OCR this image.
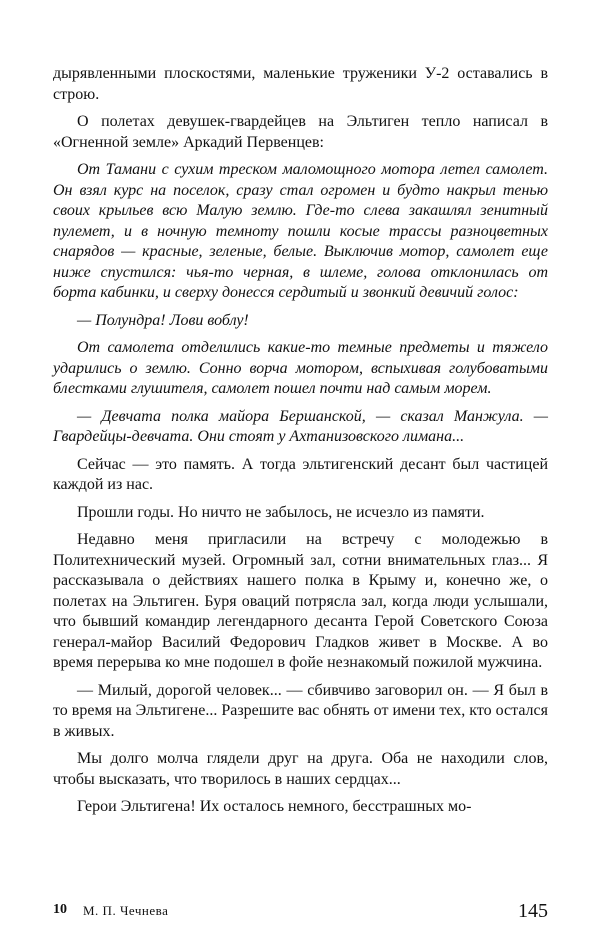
дырявленными плоскостями, маленькие труженики У-2 оставались в строю.

О полетах девушек-гвардейцев на Эльтиген тепло написал в «Огненной земле» Аркадий Первенцев:

От Тамани с сухим треском маломощного мотора летел самолет. Он взял курс на поселок, сразу стал огромен и будто накрыл тенью своих крыльев всю Малую землю. Где-то слева закашлял зенитный пулемет, и в ночную темноту пошли косые трассы разноцветных снарядов — красные, зеленые, белые. Выключив мотор, самолет еще ниже спустился: чья-то черная, в шлеме, голова отклонилась от борта кабинки, и сверху донесся сердитый и звонкий девичий голос:

— Полундра! Лови воблу!

От самолета отделились какие-то темные предметы и тяжело ударились о землю. Сонно ворча мотором, вспыхивая голубоватыми блестками глушителя, самолет пошел почти над самым морем.

— Девчата полка майора Бершанской, — сказал Манжула. — Гвардейцы-девчата. Они стоят у Ахтанизовского лимана...

Сейчас — это память. А тогда эльтигенский десант был частицей каждой из нас.

Прошли годы. Но ничто не забылось, не исчезло из памяти.

Недавно меня пригласили на встречу с молодежью в Политехнический музей. Огромный зал, сотни внимательных глаз... Я рассказывала о действиях нашего полка в Крыму и, конечно же, о полетах на Эльтиген. Буря оваций потрясла зал, когда люди услышали, что бывший командир легендарного десанта Герой Советского Союза генерал-майор Василий Федорович Гладков живет в Москве. А во время перерыва ко мне подошел в фойе незнакомый пожилой мужчина.

— Милый, дорогой человек... — сбивчиво заговорил он. — Я был в то время на Эльтигене... Разрешите вас обнять от имени тех, кто остался в живых.

Мы долго молча глядели друг на друга. Оба не находили слов, чтобы высказать, что творилось в наших сердцах...

Герои Эльтигена! Их осталось немного, бесстрашных мо-

10 М. П. Чечнева	145
